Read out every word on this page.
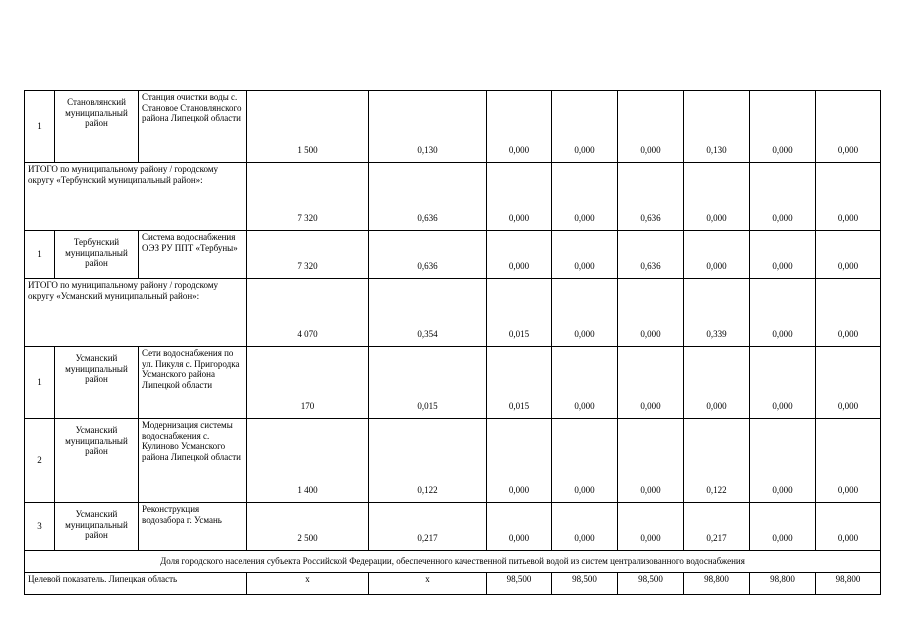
1	Становлянский муниципальный район	Станция очистки воды с. Становое Становлянского района Липецкой области	1 500	0,130	0,000	0,000	0,000	0,130	0,000	0,000
ИТОГО по муниципальному району / городскому округу «Тербунский муниципальный район»:			7 320	0,636	0,000	0,000	0,636	0,000	0,000	0,000
1	Тербунский муниципальный район	Система водоснабжения ОЭЗ РУ ППТ «Тербуны»	7 320	0,636	0,000	0,000	0,636	0,000	0,000	0,000
ИТОГО по муниципальному району / городскому округу «Усманский муниципальный район»:			4 070	0,354	0,015	0,000	0,000	0,339	0,000	0,000
1	Усманский муниципальный район	Сети водоснабжения по ул. Пикуля с. Пригородка Усманского района Липецкой области	170	0,015	0,015	0,000	0,000	0,000	0,000	0,000
2	Усманский муниципальный район	Модернизация системы водоснабжения с. Кулиново Усманского района Липецкой области	1 400	0,122	0,000	0,000	0,000	0,122	0,000	0,000
3	Усманский муниципальный район	Реконструкция водозабора г. Усмань	2 500	0,217	0,000	0,000	0,000	0,217	0,000	0,000
Доля городского населения субъекта Российской Федерации, обеспеченного качественной питьевой водой из систем централизованного водоснабжения										
Целевой показатель. Липецкая область			x	x	98,500	98,500	98,500	98,800	98,800	98,800
